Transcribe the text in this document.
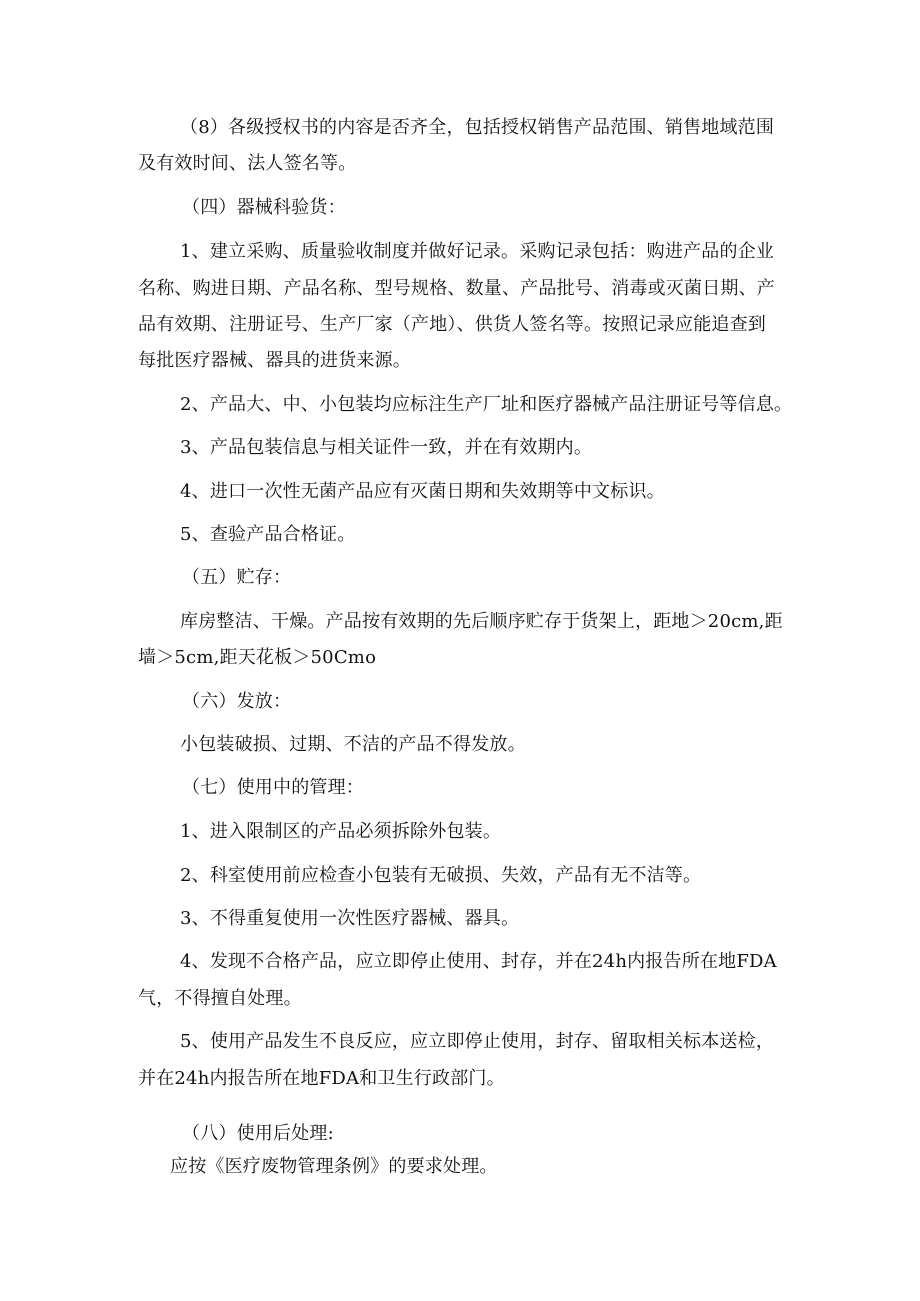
（8）各级授权书的内容是否齐全，包括授权销售产品范围、销售地域范围
及有效时间、法人签名等。
（四）器械科验货：
1、建立采购、质量验收制度并做好记录。采购记录包括：购进产品的企业
名称、购进日期、产品名称、型号规格、数量、产品批号、消毒或灭菌日期、产
品有效期、注册证号、生产厂家（产地）、供货人签名等。按照记录应能追查到
每批医疗器械、器具的进货来源。
2、产品大、中、小包装均应标注生产厂址和医疗器械产品注册证号等信息。
3、产品包装信息与相关证件一致，并在有效期内。
4、进口一次性无菌产品应有灭菌日期和失效期等中文标识。
5、查验产品合格证。
（五）贮存：
库房整洁、干燥。产品按有效期的先后顺序贮存于货架上，距地＞20cm,距
墙＞5cm,距天花板＞50Cmo
（六）发放：
小包装破损、过期、不洁的产品不得发放。
（七）使用中的管理：
1、进入限制区的产品必须拆除外包装。
2、科室使用前应检查小包装有无破损、失效，产品有无不洁等。
3、不得重复使用一次性医疗器械、器具。
4、发现不合格产品，应立即停止使用、封存，并在24h内报告所在地FDA
气，不得擅自处理。
5、使用产品发生不良反应，应立即停止使用，封存、留取相关标本送检，
并在24h内报告所在地FDA和卫生行政部门。
（八）使用后处理:
应按《医疗废物管理条例》的要求处理。
